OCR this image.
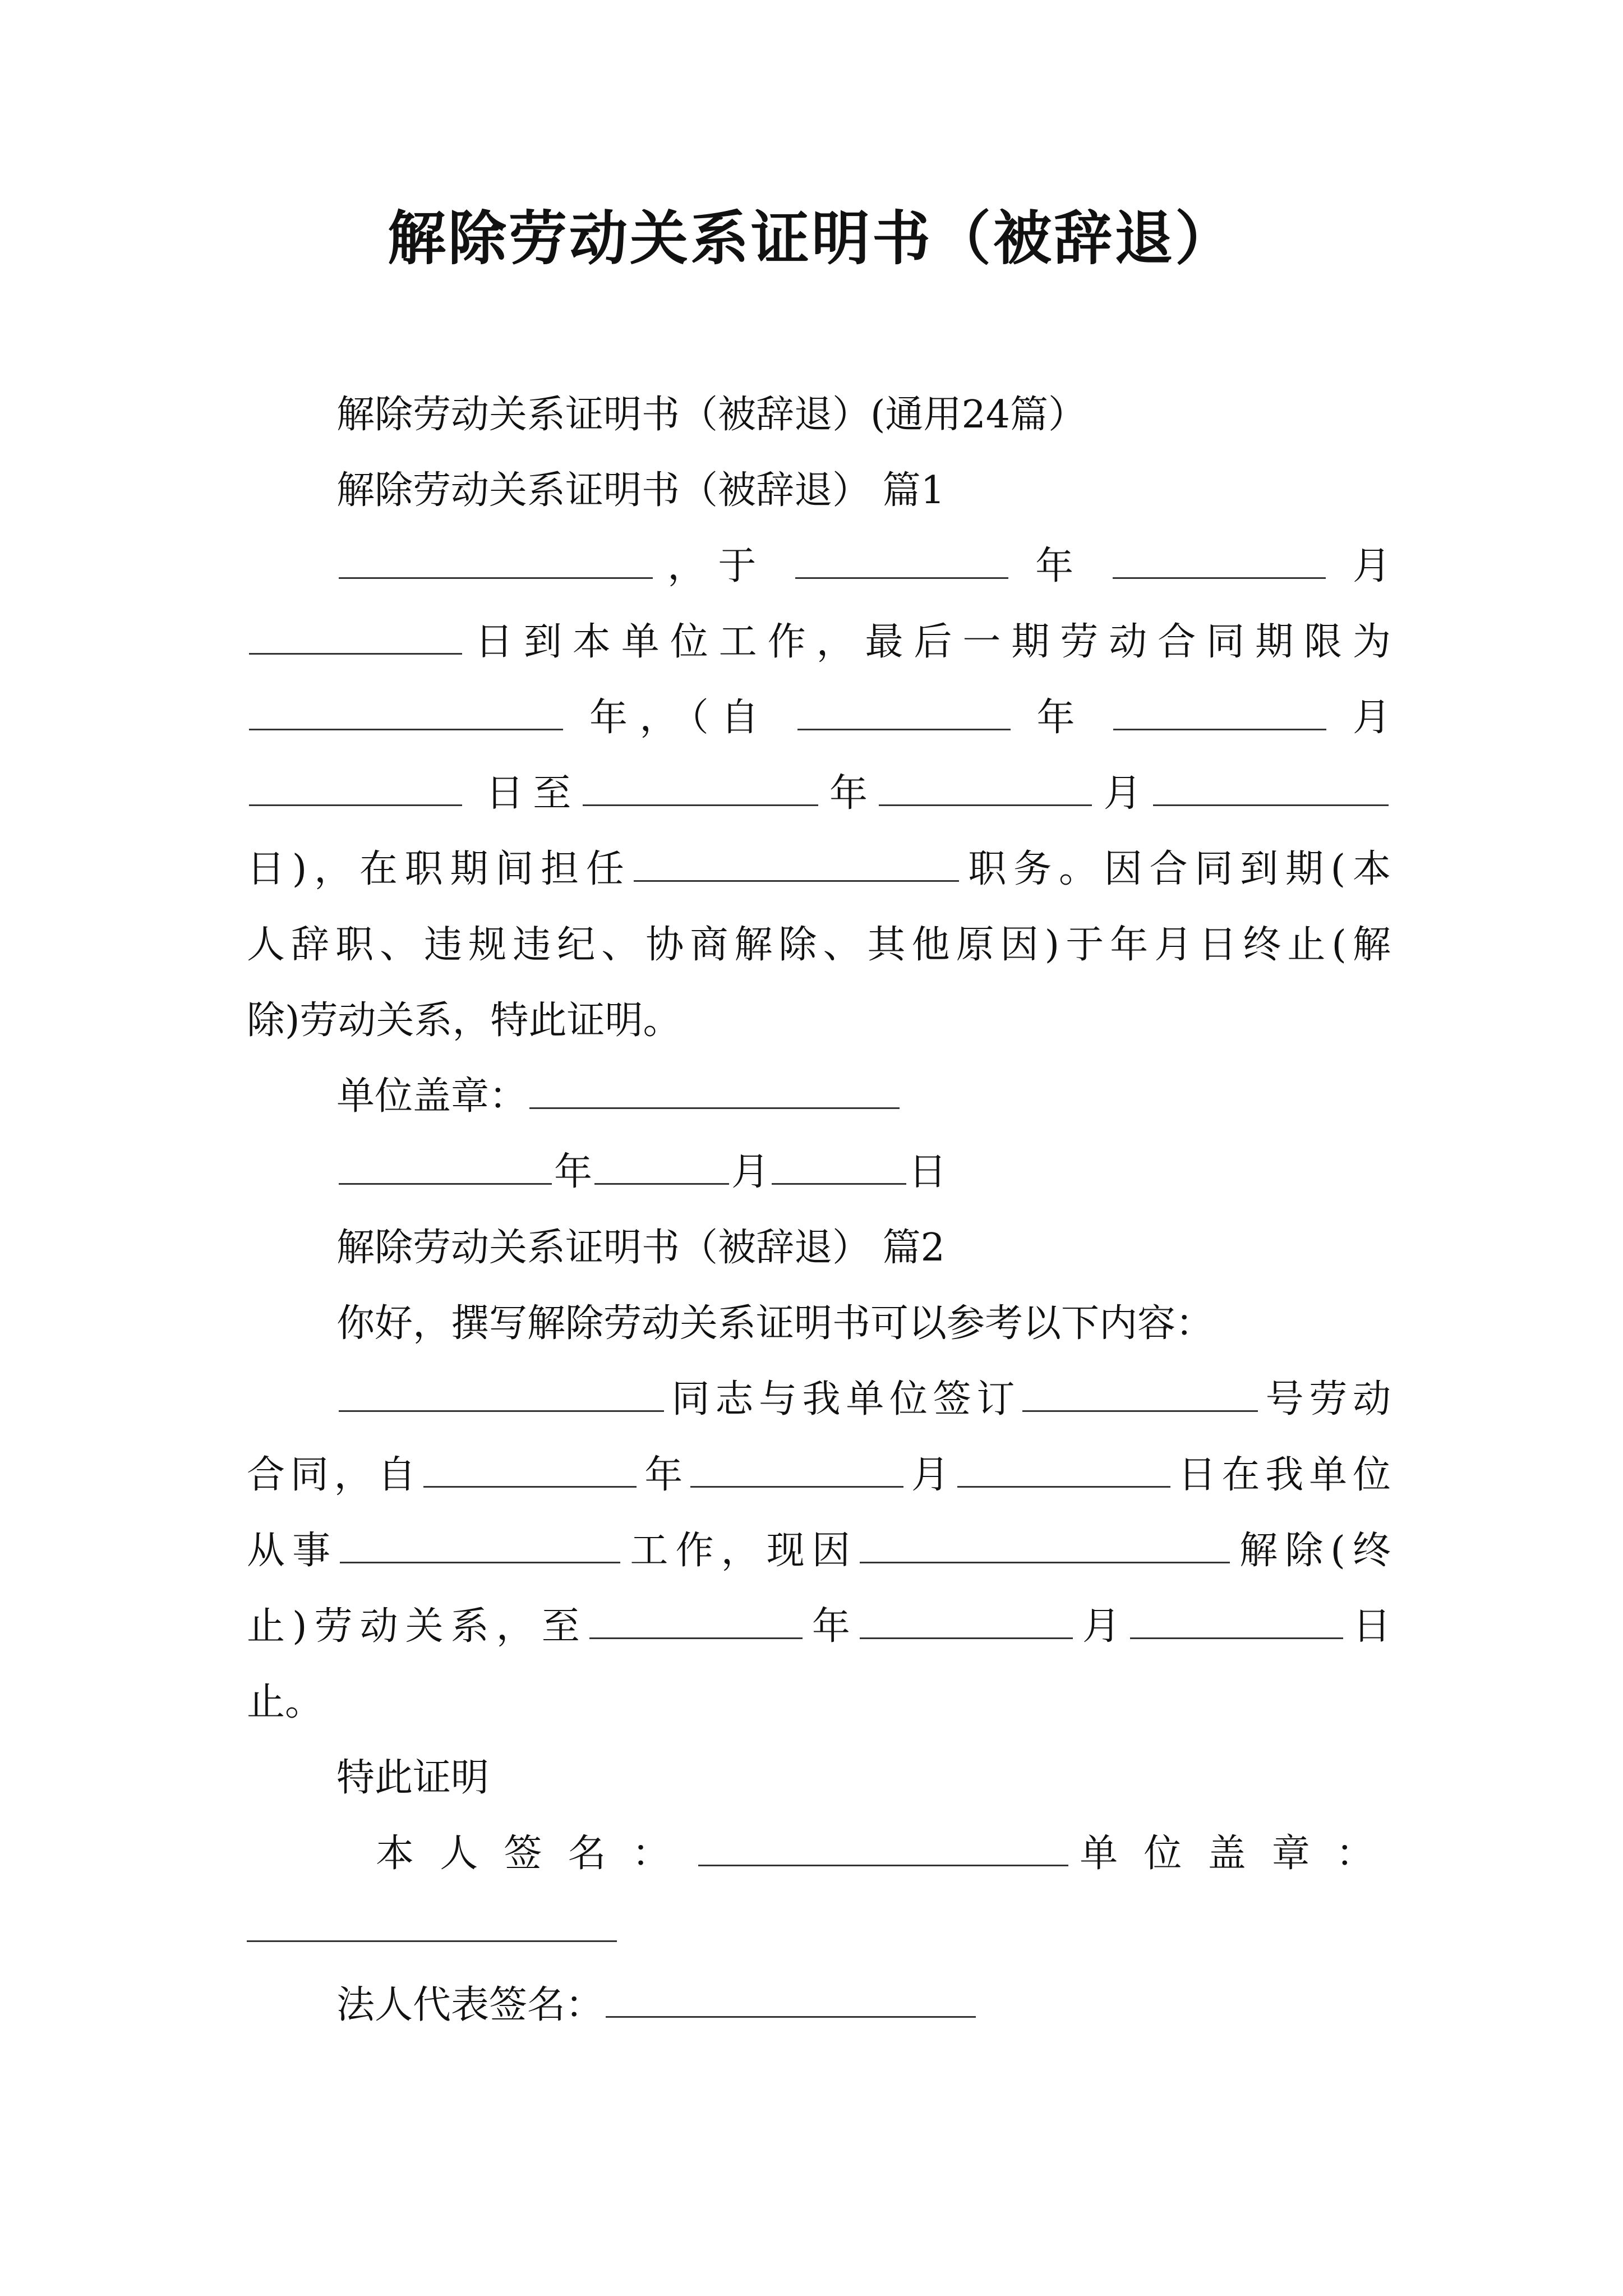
解除劳动关系证明书（被辞退）
解除劳动关系证明书（被辞退）(通用24篇）
解除劳动关系证明书（被辞退） 篇1
，于	年	月
日到本单位工作，最后一期劳动合同期限为
年，（自	年	月
日至	年	月
日)，在职期间担任	职务。因合同到期(本
人辞职、违规违纪、协商解除、其他原因)于年月日终止(解
除)劳动关系，特此证明。
单位盖章：
年	月	日
解除劳动关系证明书（被辞退） 篇2
你好，撰写解除劳动关系证明书可以参考以下内容：
同志与我单位签订	号劳动
合同，自	年	月	日在我单位
从事	工作，现因	解除(终
止)劳动关系，至	年	月	日
止。
特此证明
本人签名：	单位盖章：
法人代表签名：
